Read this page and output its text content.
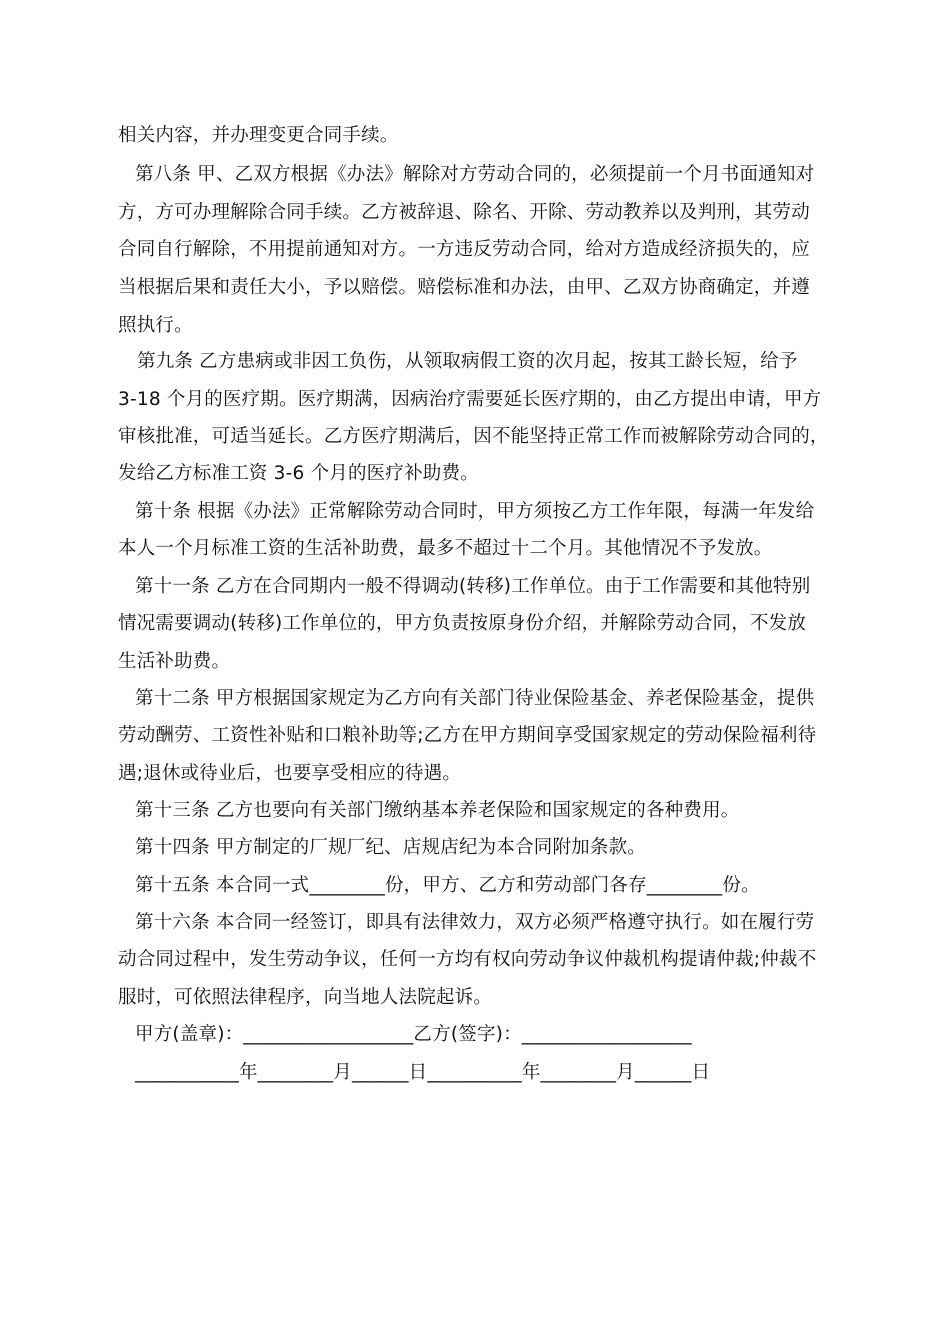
相关内容，并办理变更合同手续。
第八条 甲、乙双方根据《办法》解除对方劳动合同的，必须提前一个月书面通知对
方，方可办理解除合同手续。乙方被辞退、除名、开除、劳动教养以及判刑，其劳动
合同自行解除，不用提前通知对方。一方违反劳动合同，给对方造成经济损失的，应
当根据后果和责任大小，予以赔偿。赔偿标准和办法，由甲、乙双方协商确定，并遵
照执行。
第九条 乙方患病或非因工负伤，从领取病假工资的次月起，按其工龄长短，给予
3-18 个月的医疗期。医疗期满，因病治疗需要延长医疗期的，由乙方提出申请，甲方
审核批准，可适当延长。乙方医疗期满后，因不能坚持正常工作而被解除劳动合同的，
发给乙方标准工资 3-6 个月的医疗补助费。
第十条 根据《办法》正常解除劳动合同时，甲方须按乙方工作年限，每满一年发给
本人一个月标准工资的生活补助费，最多不超过十二个月。其他情况不予发放。
第十一条 乙方在合同期内一般不得调动(转移)工作单位。由于工作需要和其他特别
情况需要调动(转移)工作单位的，甲方负责按原身份介绍，并解除劳动合同，不发放
生活补助费。
第十二条 甲方根据国家规定为乙方向有关部门待业保险基金、养老保险基金，提供
劳动酬劳、工资性补贴和口粮补助等;乙方在甲方期间享受国家规定的劳动保险福利待
遇;退休或待业后，也要享受相应的待遇。
第十三条 乙方也要向有关部门缴纳基本养老保险和国家规定的各种费用。
第十四条 甲方制定的厂规厂纪、店规店纪为本合同附加条款。
第十五条 本合同一式________份，甲方、乙方和劳动部门各存________份。
第十六条 本合同一经签订，即具有法律效力，双方必须严格遵守执行。如在履行劳
动合同过程中，发生劳动争议，任何一方均有权向劳动争议仲裁机构提请仲裁;仲裁不
服时，可依照法律程序，向当地人法院起诉。
甲方(盖章)：__________________乙方(签字)：__________________
___________年________月______日__________年________月______日
